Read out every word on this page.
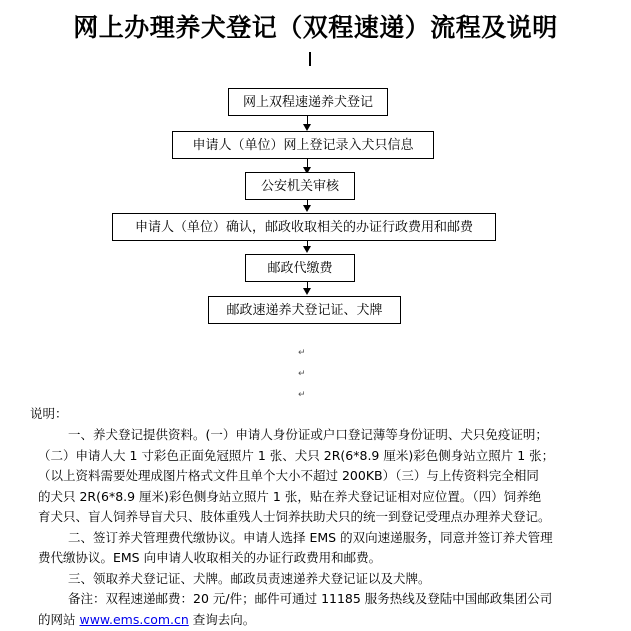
网上办理养犬登记（双程速递）流程及说明
网上双程速递养犬登记
申请人（单位）网上登记录入犬只信息
公安机关审核
申请人（单位）确认，邮政收取相关的办证行政费用和邮费
邮政代缴费
邮政速递养犬登记证、犬牌
↵
↵
↵

说明：

一、养犬登记提供资料。(一）申请人身份证或户口登记薄等身份证明、犬只免疫证明；

（二）申请人大 1 寸彩色正面免冠照片 1 张、犬只 2R(6*8.9 厘米)彩色侧身站立照片 1 张；

（以上资料需要处理成图片格式文件且单个大小不超过 200KB）（三）与上传资料完全相同

的犬只 2R(6*8.9 厘米)彩色侧身站立照片 1 张，贴在养犬登记证相对应位置。（四）饲养绝

育犬只、盲人饲养导盲犬只、肢体重残人士饲养扶助犬只的统一到登记受理点办理养犬登记。

二、签订养犬管理费代缴协议。申请人选择 EMS 的双向速递服务，同意并签订养犬管理

费代缴协议。EMS 向申请人收取相关的办证行政费用和邮费。

三、领取养犬登记证、犬牌。邮政员责速递养犬登记证以及犬牌。

备注：双程速递邮费：20 元/件；邮件可通过 11185 服务热线及登陆中国邮政集团公司

的网站 www.ems.com.cn 查询去向。
